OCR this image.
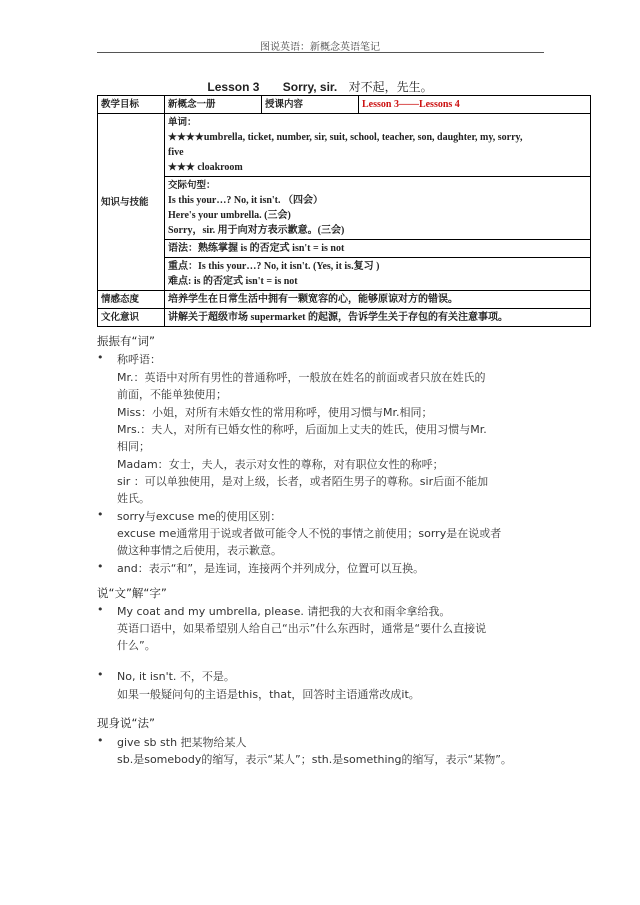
图说英语：新概念英语笔记
Lesson 3 Sorry, sir. 对不起，先生。
教学目标	新概念一册	授课内容	Lesson 3——Lessons 4
知识与技能	单词：
★★★★umbrella, ticket, number, sir, suit, school, teacher, son, daughter, my, sorry,
five
★★★ cloakroom		

	交际句型：
Is this your…? No, it isn't. （四会）
Here's your umbrella. (三会)
Sorry，sir. 用于向对方表示歉意。(三会)		

	语法：熟练掌握 is 的否定式 isn't = is not		

	重点：Is this your…? No, it isn't. (Yes, it is.复习 )
难点: is 的否定式 isn't = is not		

情感态度	培养学生在日常生活中拥有一颗宽容的心，能够原谅对方的错误。		
文化意识	讲解关于超级市场 supermarket 的起源，告诉学生关于存包的有关注意事项。		
振振有“词”
• 称呼语：
Mr.：英语中对所有男性的普通称呼，一般放在姓名的前面或者只放在姓氏的
前面，不能单独使用；
Miss：小姐，对所有未婚女性的常用称呼，使用习惯与Mr.相同；
Mrs.：夫人，对所有已婚女性的称呼，后面加上丈夫的姓氏，使用习惯与Mr.
相同；
Madam：女士，夫人，表示对女性的尊称，对有职位女性的称呼；
sir ：可以单独使用，是对上级，长者，或者陌生男子的尊称。sir后面不能加
姓氏。
• sorry与excuse me的使用区别：
excuse me通常用于说或者做可能令人不悦的事情之前使用；sorry是在说或者
做这种事情之后使用，表示歉意。
• and：表示“和”，是连词，连接两个并列成分，位置可以互换。
说“文”解“字”
• My coat and my umbrella, please. 请把我的大衣和雨伞拿给我。
英语口语中，如果希望别人给自己“出示”什么东西时，通常是“要什么直接说
什么”。
• No, it isn't. 不，不是。
如果一般疑问句的主语是this，that，回答时主语通常改成it。
现身说“法”
• give sb sth 把某物给某人
sb.是somebody的缩写，表示“某人”；sth.是something的缩写，表示“某物”。
